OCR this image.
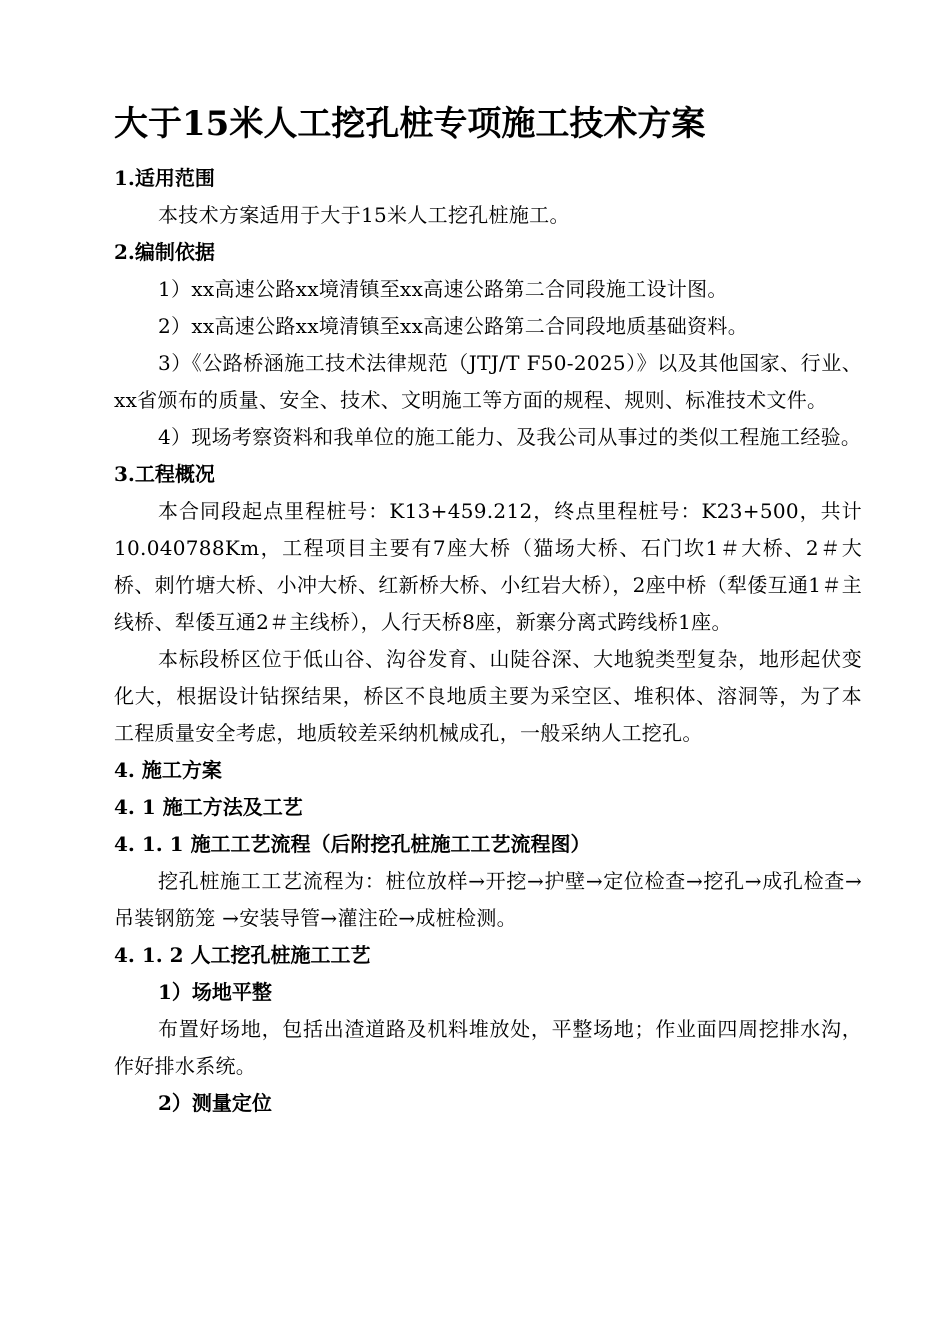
大于15米人工挖孔桩专项施工技术方案
1.适用范围
本技术方案适用于大于15米人工挖孔桩施工。
2.编制依据
1）xx高速公路xx境清镇至xx高速公路第二合同段施工设计图。
2）xx高速公路xx境清镇至xx高速公路第二合同段地质基础资料。
3）《公路桥涵施工技术法律规范（JTJ/T F50-2025）》以及其他国家、行业、xx省颁布的质量、安全、技术、文明施工等方面的规程、规则、标准技术文件。
4）现场考察资料和我单位的施工能力、及我公司从事过的类似工程施工经验。
3.工程概况
本合同段起点里程桩号：K13+459.212，终点里程桩号：K23+500，共计10.040788Km，工程项目主要有7座大桥（猫场大桥、石门坎1＃大桥、2＃大桥、刺竹塘大桥、小冲大桥、红新桥大桥、小红岩大桥），2座中桥（犁倭互通1＃主线桥、犁倭互通2＃主线桥），人行天桥8座，新寨分离式跨线桥1座。
本标段桥区位于低山谷、沟谷发育、山陡谷深、大地貌类型复杂，地形起伏变化大，根据设计钻探结果，桥区不良地质主要为采空区、堆积体、溶洞等，为了本工程质量安全考虑，地质较差采纳机械成孔，一般采纳人工挖孔。
4. 施工方案
4. 1 施工方法及工艺
4. 1. 1 施工工艺流程（后附挖孔桩施工工艺流程图）
挖孔桩施工工艺流程为：桩位放样→开挖→护壁→定位检查→挖孔→成孔检查→吊装钢筋笼 →安装导管→灌注砼→成桩检测。
4. 1. 2 人工挖孔桩施工工艺
1）场地平整
布置好场地，包括出渣道路及机料堆放处，平整场地；作业面四周挖排水沟，作好排水系统。
2）测量定位
